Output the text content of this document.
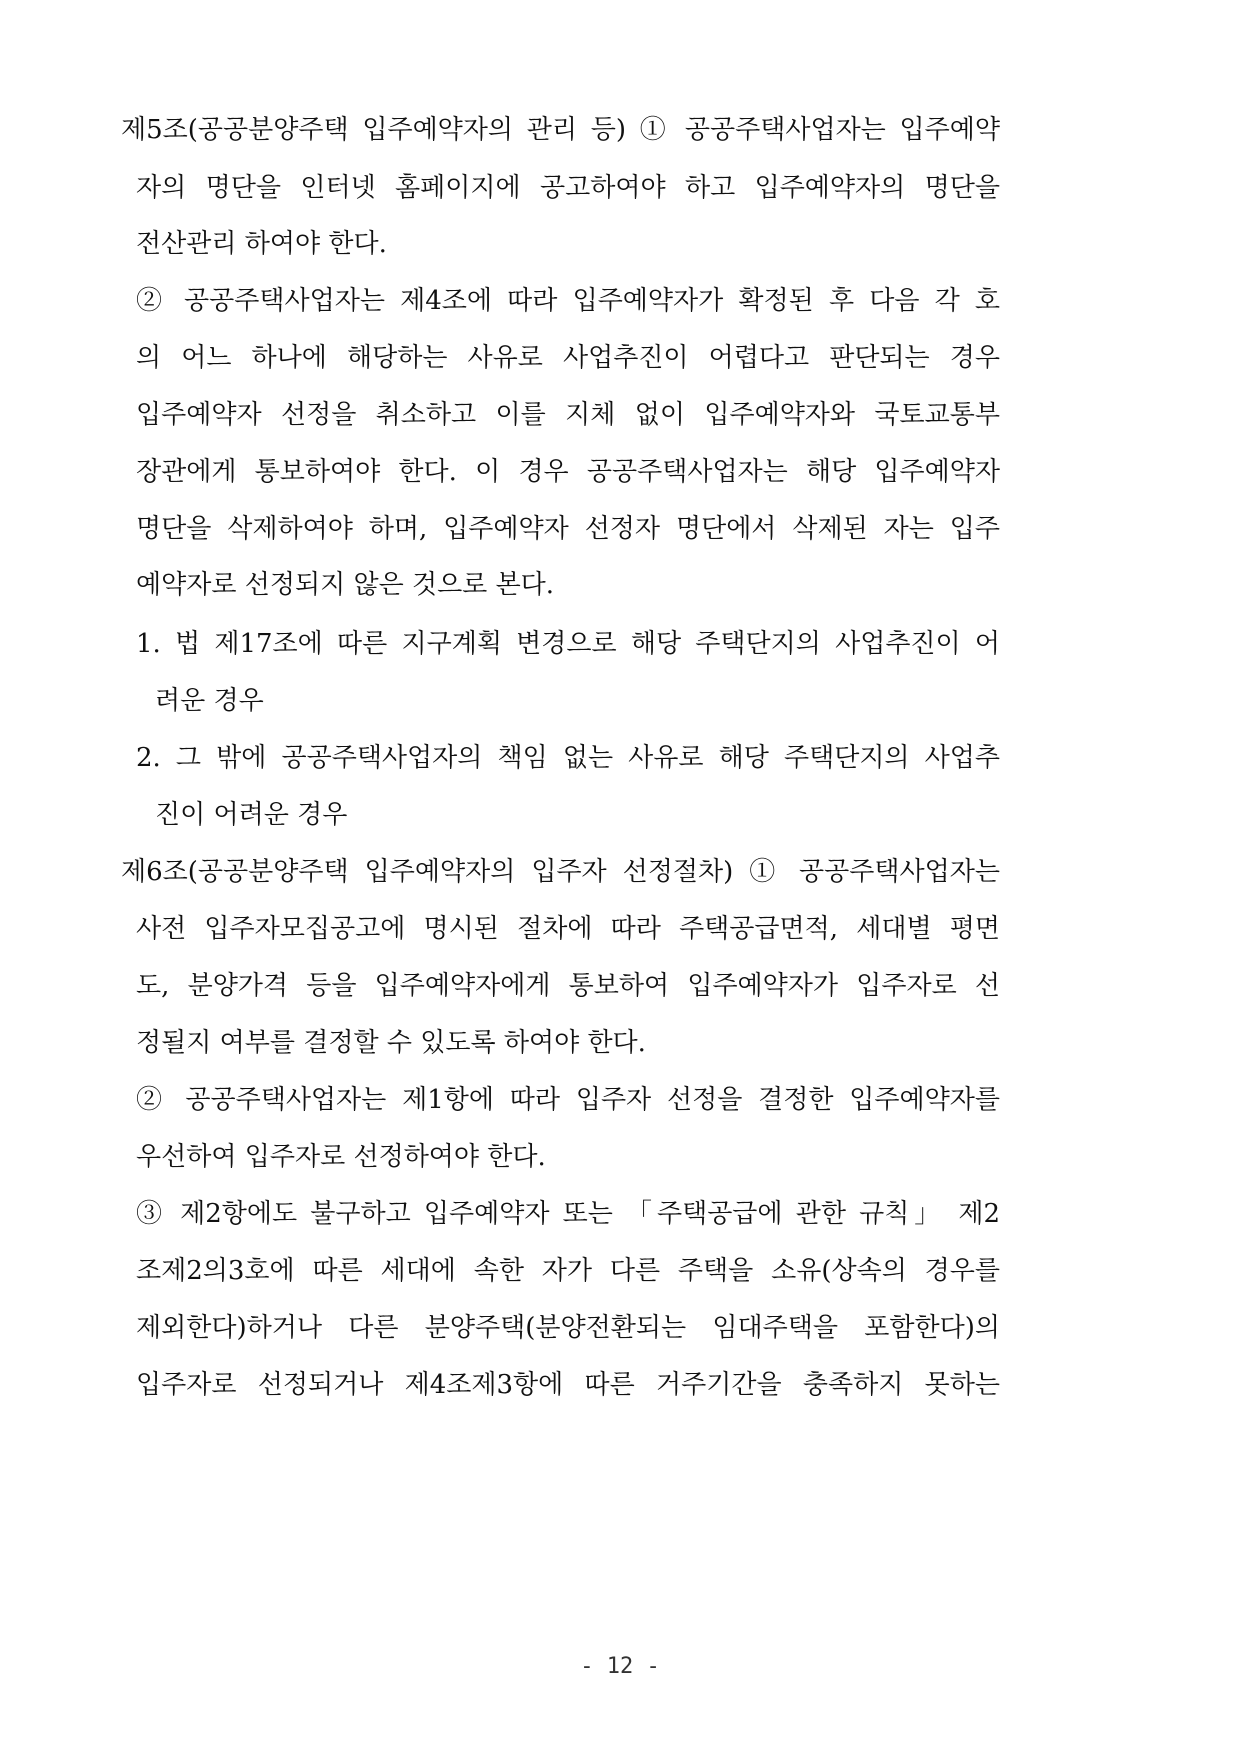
제5조(공공분양주택 입주예약자의 관리 등) ① 공공주택사업자는 입주예약
자의 명단을 인터넷 홈페이지에 공고하여야 하고 입주예약자의 명단을
전산관리 하여야 한다.
② 공공주택사업자는 제4조에 따라 입주예약자가 확정된 후 다음 각 호
의 어느 하나에 해당하는 사유로 사업추진이 어렵다고 판단되는 경우
입주예약자 선정을 취소하고 이를 지체 없이 입주예약자와 국토교통부
장관에게 통보하여야 한다. 이 경우 공공주택사업자는 해당 입주예약자
명단을 삭제하여야 하며, 입주예약자 선정자 명단에서 삭제된 자는 입주
예약자로 선정되지 않은 것으로 본다.
1. 법 제17조에 따른 지구계획 변경으로 해당 주택단지의 사업추진이 어
려운 경우
2. 그 밖에 공공주택사업자의 책임 없는 사유로 해당 주택단지의 사업추
진이 어려운 경우
제6조(공공분양주택 입주예약자의 입주자 선정절차) ① 공공주택사업자는
사전 입주자모집공고에 명시된 절차에 따라 주택공급면적, 세대별 평면
도, 분양가격 등을 입주예약자에게 통보하여 입주예약자가 입주자로 선
정될지 여부를 결정할 수 있도록 하여야 한다.
② 공공주택사업자는 제1항에 따라 입주자 선정을 결정한 입주예약자를
우선하여 입주자로 선정하여야 한다.
③ 제2항에도 불구하고 입주예약자 또는 「주택공급에 관한 규칙」 제2
조제2의3호에 따른 세대에 속한 자가 다른 주택을 소유(상속의 경우를
제외한다)하거나 다른 분양주택(분양전환되는 임대주택을 포함한다)의
입주자로 선정되거나 제4조제3항에 따른 거주기간을 충족하지 못하는
- 12 -
